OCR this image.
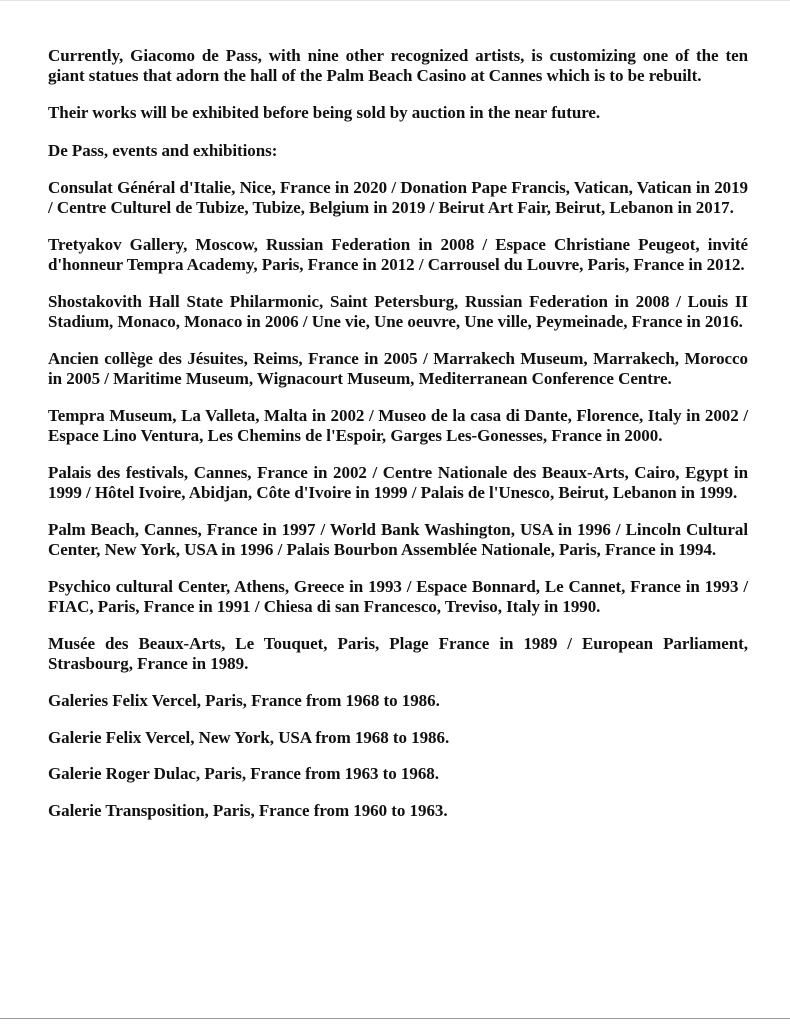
Currently, Giacomo de Pass, with nine other recognized artists, is customizing one of the ten giant statues that adorn the hall of the Palm Beach Casino at Cannes which is to be rebuilt.

Their works will be exhibited before being sold by auction in the near future.

De Pass, events and exhibitions:

Consulat Général d'Italie, Nice, France in 2020 / Donation Pape Francis, Vatican, Vatican in 2019 / Centre Culturel de Tubize, Tubize, Belgium in 2019 / Beirut Art Fair, Beirut, Lebanon in 2017.

Tretyakov Gallery, Moscow, Russian Federation in 2008 / Espace Christiane Peugeot, invité d'honneur Tempra Academy, Paris, France in 2012 / Carrousel du Louvre, Paris, France in 2012.

Shostakovith Hall State Philarmonic, Saint Petersburg, Russian Federation in 2008 / Louis II Stadium, Monaco, Monaco in 2006 / Une vie, Une oeuvre, Une ville, Peymeinade, France in 2016.

Ancien collège des Jésuites, Reims, France in 2005 / Marrakech Museum, Marrakech, Morocco in 2005 / Maritime Museum, Wignacourt Museum, Mediterranean Conference Centre.

Tempra Museum, La Valleta, Malta in 2002 / Museo de la casa di Dante, Florence, Italy in 2002 / Espace Lino Ventura, Les Chemins de l'Espoir, Garges Les-Gonesses, France in 2000.

Palais des festivals, Cannes, France in 2002 / Centre Nationale des Beaux-Arts, Cairo, Egypt in 1999 / Hôtel Ivoire, Abidjan, Côte d'Ivoire in 1999 / Palais de l'Unesco, Beirut, Lebanon in 1999.

Palm Beach, Cannes, France in 1997 / World Bank Washington, USA in 1996 / Lincoln Cultural Center, New York, USA in 1996 / Palais Bourbon Assemblée Nationale, Paris, France in 1994.

Psychico cultural Center, Athens, Greece in 1993 / Espace Bonnard, Le Cannet, France in 1993 / FIAC, Paris, France in 1991 / Chiesa di san Francesco, Treviso, Italy in 1990.

Musée des Beaux-Arts, Le Touquet, Paris, Plage France in 1989 / European Parliament, Strasbourg, France in 1989.

Galeries Felix Vercel, Paris, France from 1968 to 1986.

Galerie Felix Vercel, New York, USA from 1968 to 1986.

Galerie Roger Dulac, Paris, France from 1963 to 1968.

Galerie Transposition, Paris, France from 1960 to 1963.
